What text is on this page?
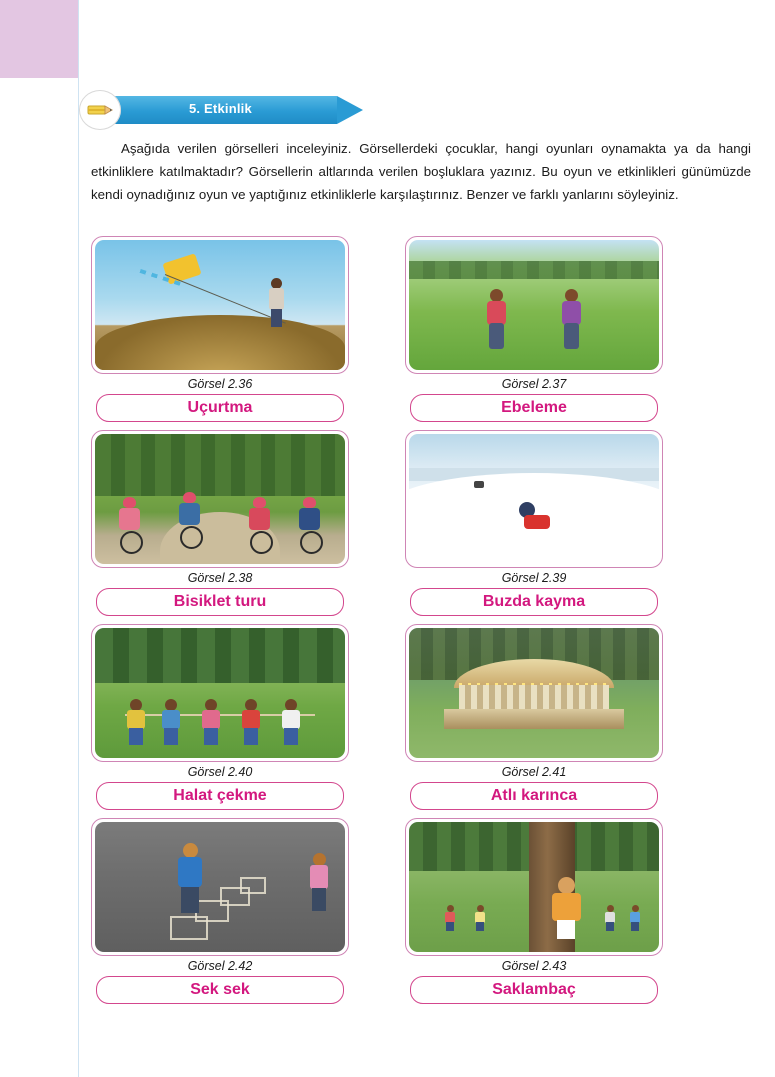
5. Etkinlik
Aşağıda verilen görselleri inceleyiniz. Görsellerdeki çocuklar, hangi oyunları oynamakta ya da hangi etkinliklere katılmaktadır? Görsellerin altlarında verilen boşluklara yazınız. Bu oyun ve etkinlikleri günümüzde kendi oynadığınız oyun ve yaptığınız etkinliklerle karşılaştırınız. Benzer ve farklı yanlarını söyleyiniz.
Görsel 2.36
Uçurtma
Görsel 2.37
Ebeleme
Görsel 2.38
Bisiklet turu
Görsel 2.39
Buzda kayma
Görsel 2.40
Halat çekme
Görsel 2.41
Atlı karınca
Görsel 2.42
Sek sek
Görsel 2.43
Saklambaç
